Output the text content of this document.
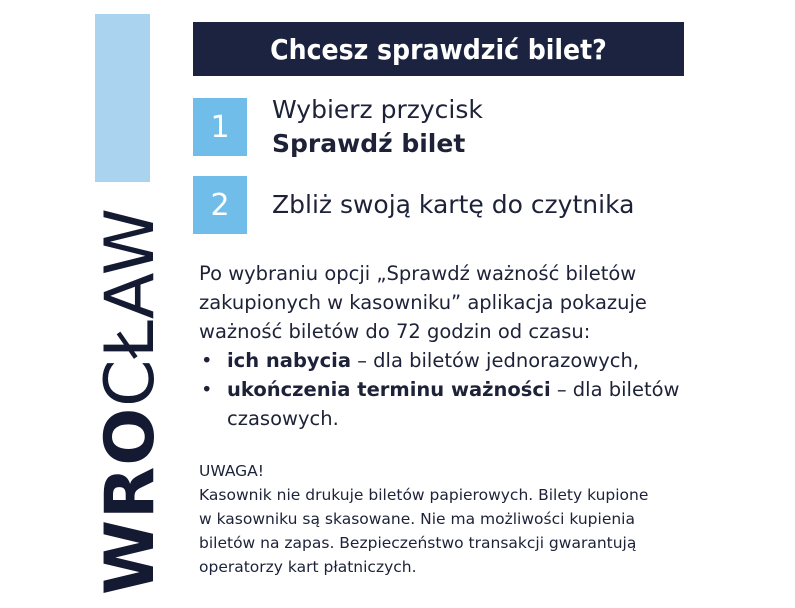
WROCŁAW
Chcesz sprawdzić bilet?
1	Wybierz przycisk
Sprawdź bilet
2	Zbliż swoją kartę do czytnika
Po wybraniu opcji „Sprawdź ważność biletów
zakupionych w kasowniku” aplikacja pokazuje
ważność biletów do 72 godzin od czasu:
• ich nabycia – dla biletów jednorazowych,
• ukończenia terminu ważności – dla biletów czasowych.
UWAGA!
Kasownik nie drukuje biletów papierowych. Bilety kupione
w kasowniku są skasowane. Nie ma możliwości kupienia
biletów na zapas. Bezpieczeństwo transakcji gwarantują
operatorzy kart płatniczych.
